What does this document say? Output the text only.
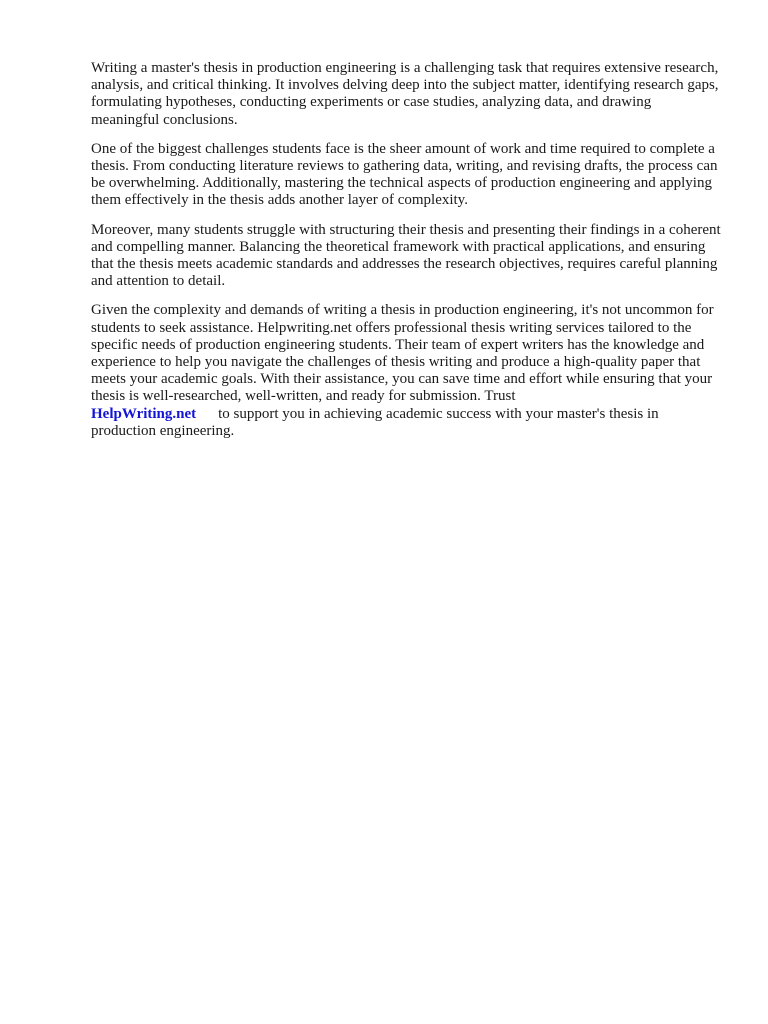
Writing a master's thesis in production engineering is a challenging task that requires extensive research, analysis, and critical thinking. It involves delving deep into the subject matter, identifying research gaps, formulating hypotheses, conducting experiments or case studies, analyzing data, and drawing meaningful conclusions.

One of the biggest challenges students face is the sheer amount of work and time required to complete a thesis. From conducting literature reviews to gathering data, writing, and revising drafts, the process can be overwhelming. Additionally, mastering the technical aspects of production engineering and applying them effectively in the thesis adds another layer of complexity.

Moreover, many students struggle with structuring their thesis and presenting their findings in a coherent and compelling manner. Balancing the theoretical framework with practical applications, and ensuring that the thesis meets academic standards and addresses the research objectives, requires careful planning and attention to detail.

Given the complexity and demands of writing a thesis in production engineering, it's not uncommon for students to seek assistance. Helpwriting.net offers professional thesis writing services tailored to the specific needs of production engineering students. Their team of expert writers has the knowledge and experience to help you navigate the challenges of thesis writing and produce a high-quality paper that meets your academic goals. With their assistance, you can save time and effort while ensuring that your thesis is well-researched, well-written, and ready for submission. Trust
HelpWriting.net to support you in achieving academic success with your master's thesis in production engineering.
